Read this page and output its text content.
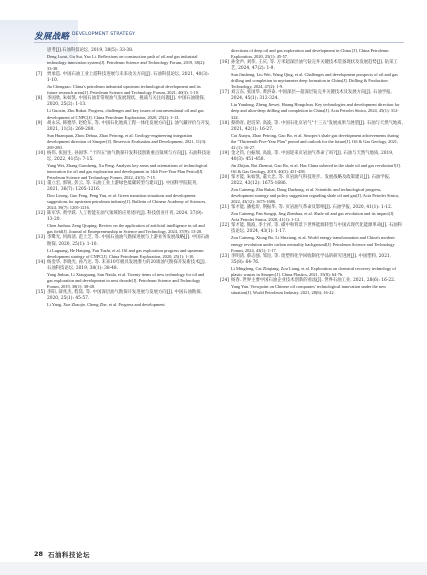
发展战略 DEVELOPMENT STRATEGY
思考[J].石油科技论坛, 2019, 38(5): 33-38.
Deng Lurui, Gu Sui, Yao Li. Reflections on construction path of oil and gas industrial technology innovation system[J]. Petroleum Science and Technology Forum, 2019, 38(2): 33-38.
[7] 贾承造. 中国石油工业上游科技进展与未来攻关方向[J]. 石油科技论坛, 2021, 40(3): 1-10.
Jia Chengzao. China's petroleum industrial upstream technological development and its future research areas[J]. Petroleum Science and Technology Forum, 2021, 40(3): 1-10.
[8] 李国欣, 朱如凯. 中国石油非常规油气发展现状、挑战与关注问题[J]. 中国石油勘探, 2020, 25(2): 1-13.
Li Guoxin, Zhu Rukai. Progress, challenges and key issues of unconventional oil and gas development of CNPC[J]. China Petroleum Exploration, 2020, 25(2): 1-13.
[9] 胡永乐, 韩德华, 赵伦东, 等. 中国石化地质工程一体化发展方向[J]. 油气藏评价与开发, 2021, 11(3): 269-280.
Sun Huanquan, Zhou Dehua, Zhao Peirong, et al. Geology-engineering integration development direction of Sinopec[J]. Reservoir Evaluation and Development, 2021, 11(3): 269-280.
[10] 杨伟, 张国生, 孙国华. "十四五"油气勘探开发科技创新重点领域与方向[J]. 石油科技论坛, 2022, 41(5): 7-15.
Yang Wei, Zhang Guosheng, Xu Peng. Analysis key areas and orientations of technological innovation for oil and gas exploration and development in 14th Five-Year Plan Period[J]. Petroleum Science and Technology Forum, 2022, 41(5): 7-15.
[11] 董立宏, 郭锐, 彭云, 等. 石油工业上游绿色低碳转型与建议[J]. 中国科学院院刊, 2021, 36(7): 1205-1216.
Dou Lirong, Guo Feng, Peng Yun, et al. Green transition situations and development suggestions for upstream petroleum industry[J]. Bulletin of Chinese Academy of Sciences, 2024, 39(7): 1205-1216.
[12] 陈军华, 黄学跃. 人工智能在油气领域的应用述评[J]. 科技创业月刊, 2024, 37(9): 13-20.
Chen Junhua, Zeng Qiuping. Review on the application of artificial intelligence in oil and gas field[J]. Journal of Entrepreneurship in Science and Technology, 2024, 37(9): 13-20.
[13] 李鹭光, 何海清, 范土芝, 等. 中国石油油气勘探进展与上游业务发展战略[J]. 中国石油勘探, 2020, 25(1): 1-10.
Li Luguang, He Haiqing, Fan Tuzhi, et al. Oil and gas exploration progress and upstream development strategy of CNPC[J]. China Petroleum Exploration, 2020, 25(1): 1-10.
[14] 杨金华, 李晓光, 孙乃达, 等. 未来10年极具发展潜力的20项油气勘探开发新技术[J]. 石油科技论坛, 2019, 38(1): 38-48.
Yang Jinhua, Li Xiaoguang, Sun Naida, et al. Twenty items of new technology for oil and gas exploration and development in next decade[J]. Petroleum Science and Technology Forum, 2019, 38(1): 38-48.
[15] 李阳, 薛兆杰, 程喆, 等. 中国深层油气勘探开发进展与发展方向[J]. 中国石油勘探, 2020, 25(1): 45-57.
Li Yang, Xue Zhaojie, Cheng Zhe, et al. Progress and development
directions of deep oil and gas exploration and development in China [J]. China Petroleum Exploration, 2020, 25(1): 45-57.
[16] 孙金声, 刘伟, 王庆, 等. 万米超深层油气钻完井关键技术装备现状及发展趋势[J]. 钻采工艺, 2024, 47(2): 1-9.
Sun Jinsheng, Liu Wei, Wang Qing, et al. Challenges and development prospects of oil and gas drilling and completion in myriameter deep formation in China[J]. Drilling & Production Technology, 2024, 47(2): 1-9.
[17] 刘言东, 张国华, 黄洪泰. 中国深层—超深层钻完井关键技术及发展方向[J]. 石油学报, 2024, 45(1): 312-324.
Liu Yandong, Zheng Jiewei, Huang Hongchun. Key technologies and development direction for deep and ultra-deep drilling and completion in China[J]. Acta Petrolei Sinica, 2024, 45(1): 312-324.
[18] 蔡勋育, 赵培荣, 高波, 等. 中国石化页岩气"十三五"发展成果与展望[J]. 石油与天然气地质, 2021, 42(1): 16-27.
Cai Xunyu, Zhao Peirong, Gao Bo, et al. Sinopec's shale gas development achievements during the "Thirteenth Five-Year Plan" period and outlook for the future[J]. Oil & Gas Geology, 2021, 42 (1): 16-27.
[19] 金之钧, 白振瑞, 高波, 等. 中国迎来页岩油气革命了吗?[J]. 石油与天然气地质, 2019, 40(3): 451-458.
Jin Zhijun, Bai Zhenrui, Gao Bo, et al. Has China ushered in the shale oil and gas revolution?[J]. Oil & Gas Geology, 2019, 40(3): 451-458.
[20] 邹才能, 朱如凯, 董大忠, 等. 页岩油气科技进步、发展战略及政策建议[J]. 石油学报, 2022, 43(12): 1675-1686.
Zou Caineng, Zhu Rukai, Dong Dazhong, et al. Scientific and technological progress, development strategy and policy suggestion regarding shale oil and gas[J]. Acta Petrolei Sinica, 2022, 43(12): 1675-1686.
[21] 邹才能, 潘松圻, 荆振华, 等. 页岩油气革命及影响[J]. 石油学报, 2020, 41(1): 1-12.
Zou Caineng, Pan Songqi, Jing Zhenhua, et al. Shale oil and gas revolution and its impact[J]. Acta Petrolei Sinica, 2020, 41(1): 1-12.
[22] 邹才能, 熊波, 李士祥, 等. 碳中和背景下世界能源转型与中国式现代化能源革命[J]. 石油科技论坛, 2024, 43(1): 1-17.
Zou Caineng, Xiong Bo, Li Shixiang, et al. World energy transformation and China's modern energy revolution under carbon neutrality background[J]. Petroleum Science and Technology Forum, 2024, 43(1): 1-17.
[23] 李明清, 蔡志强, 邹昆, 等. 废塑料化学回收制化学品的研究进展[J]. 中国塑料, 2021, 35(8): 64-76.
Li Mingfeng, Cai Zhiqiang, Zou Liang, et al. Exploration on chemical recovery technology of plastic wastes in Sinopec[J]. China Plastics, 2021, 35(8): 64-76.
[24] 杨春. 世界主要中国石油企业技术创新的看法[J]. 世界石油工业, 2021, 28(6): 16-22.
Yang Yun. Viewpoint on Chinese oil companies' technological innovation under the new situation[J]. World Petroleum Industry, 2021, 28(6): 16-22.
28 石油科技论坛
